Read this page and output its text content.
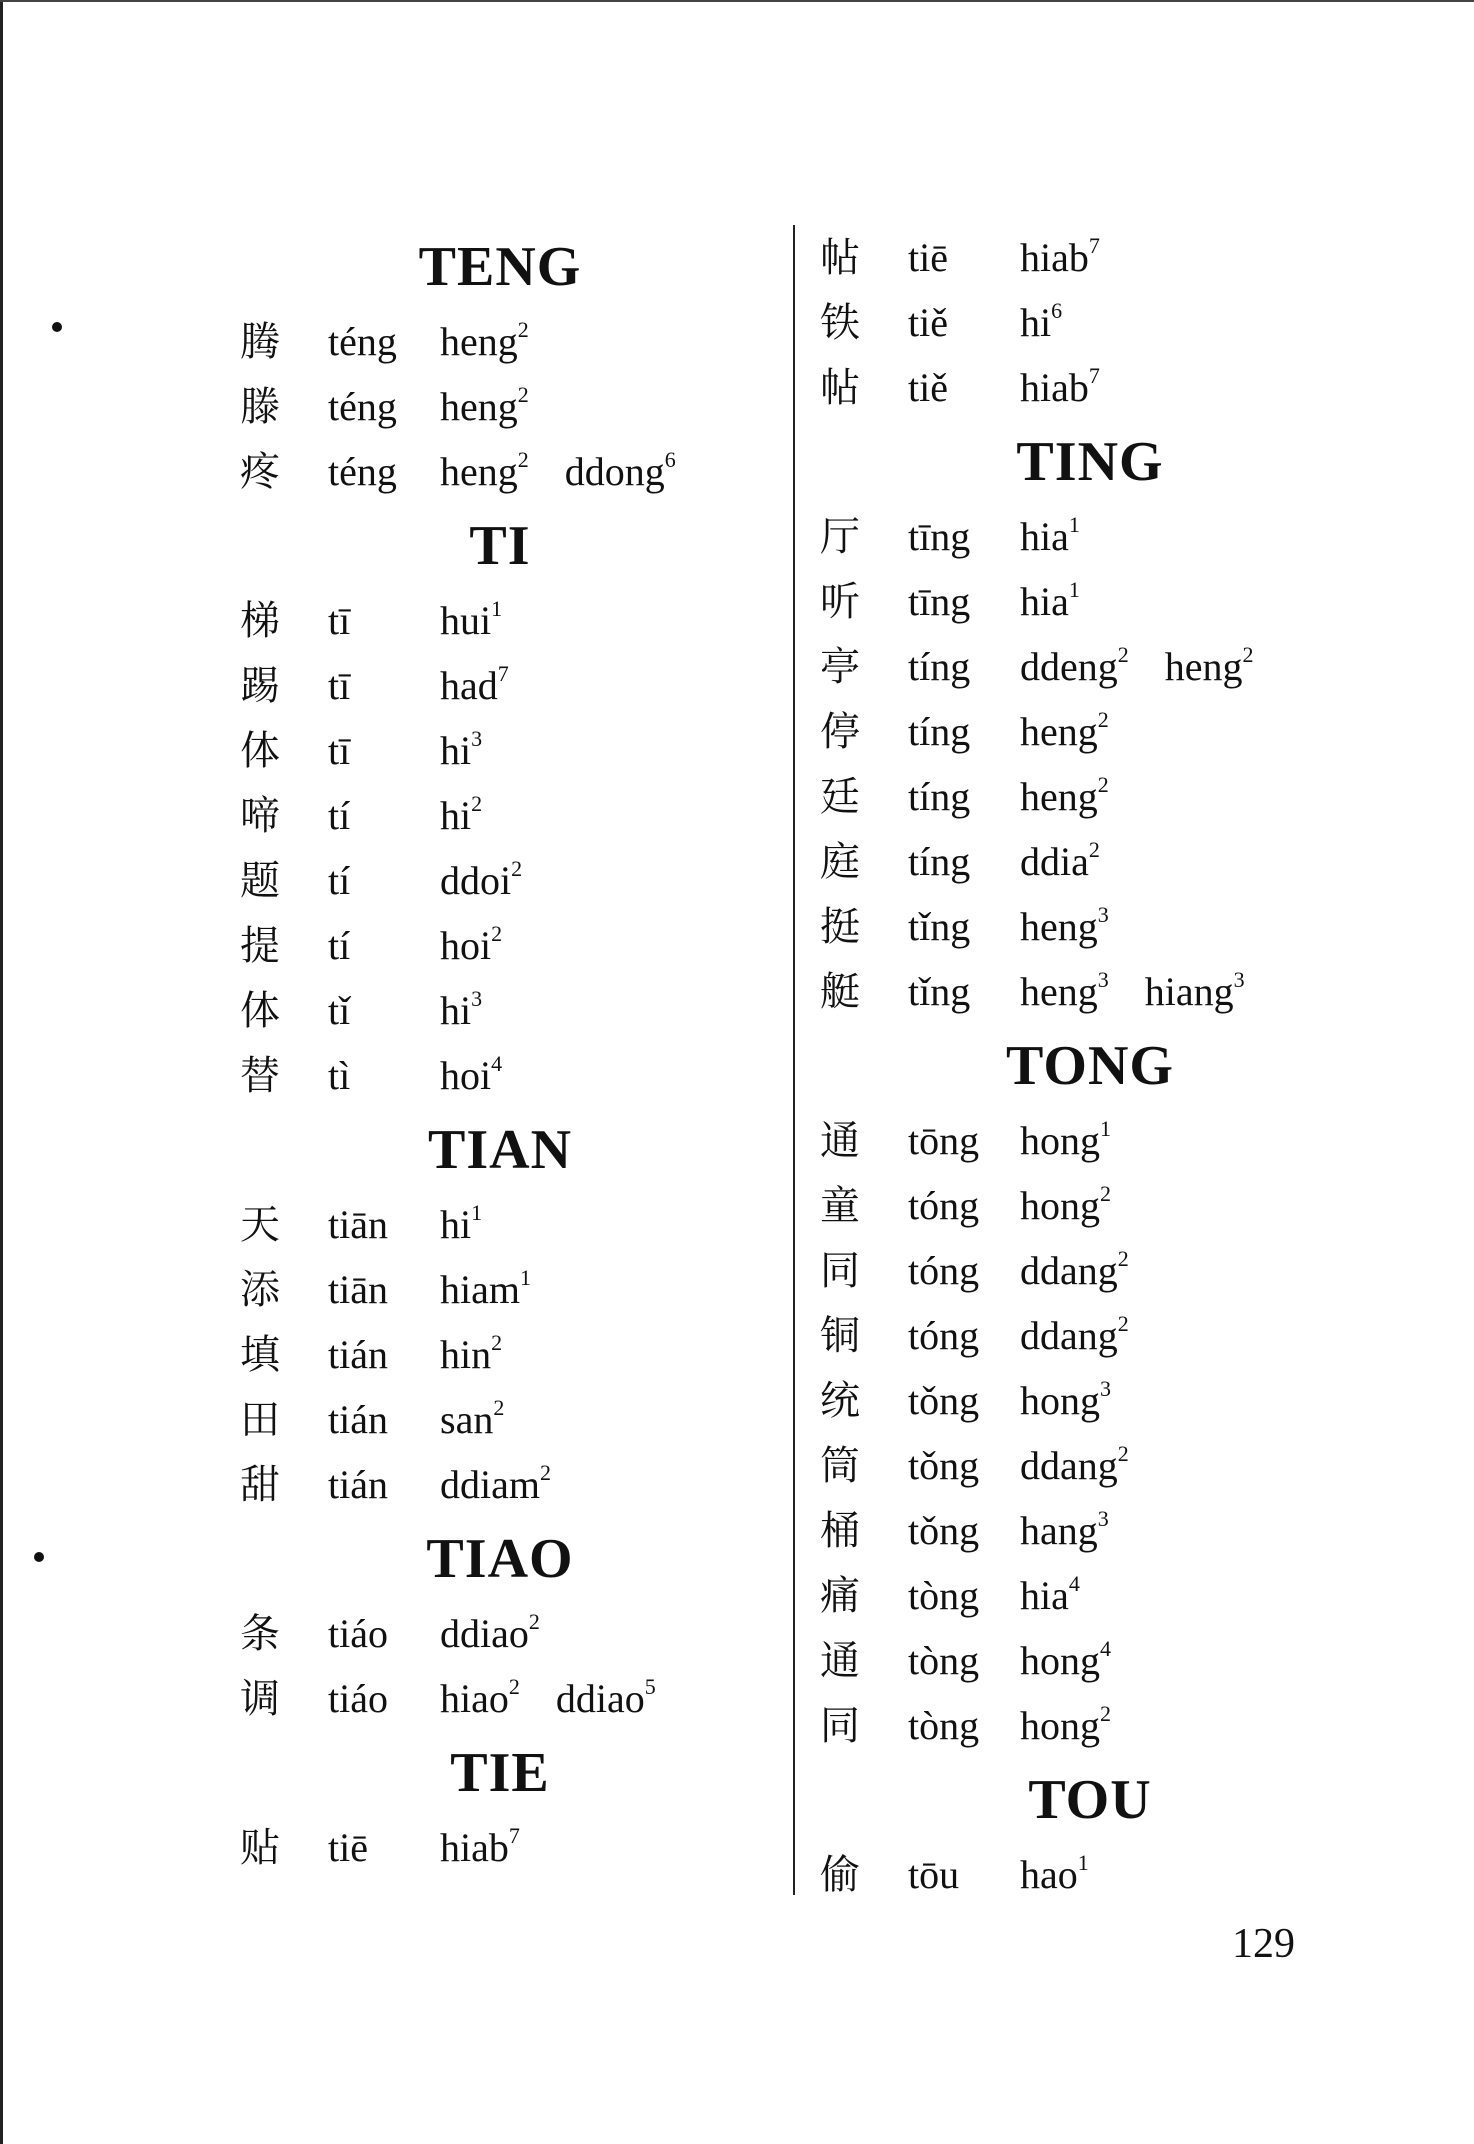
TENG
腾	téng	heng$^2$
滕	téng	heng$^2$
疼	téng	heng$^2$ ddong$^6$
TI
梯	tī	hui$^1$
踢	tī	had$^7$
体	tī	$hi^3$
啼	tí	$hi^2$
题	tí	ddoi$^2$
提	tí	hoi$^2$
体	tǐ	$hi^3$
替	tì	hoi$^4$
TIAN
天	tiān	$hi^1$
添	tiān	hiam$^1$
填	tián	hin$^2$
田	tián	san$^2$
甜	tián	ddiam$^2$
TIAO
条	tiáo	ddiao$^2$
调	tiáo	hiao$^2$ ddiao$^5$
TIE
贴	tiē	hiab$^7$
帖	tiē	hiab$^7$
铁	tiě	$hi^6$
帖	tiě	hiab$^7$
TING
厅	tīng	hia$^1$
听	tīng	hia$^1$
亭	tíng	ddeng$^2$ heng$^2$
停	tíng	heng$^2$
廷	tíng	heng$^2$
庭	tíng	ddia$^2$
挺	tǐng	heng$^3$
艇	tǐng	heng$^3$ hiang$^3$
TONG
通	tōng	hong$^1$
童	tóng	hong$^2$
同	tóng	ddang$^2$
铜	tóng	ddang$^2$
统	tǒng	hong$^3$
筒	tǒng	ddang$^2$
桶	tǒng	hang$^3$
痛	tòng	hia$^4$
通	tòng	hong$^4$
同	tòng	hong$^2$
TOU
偷	tōu	hao$^1$
129
